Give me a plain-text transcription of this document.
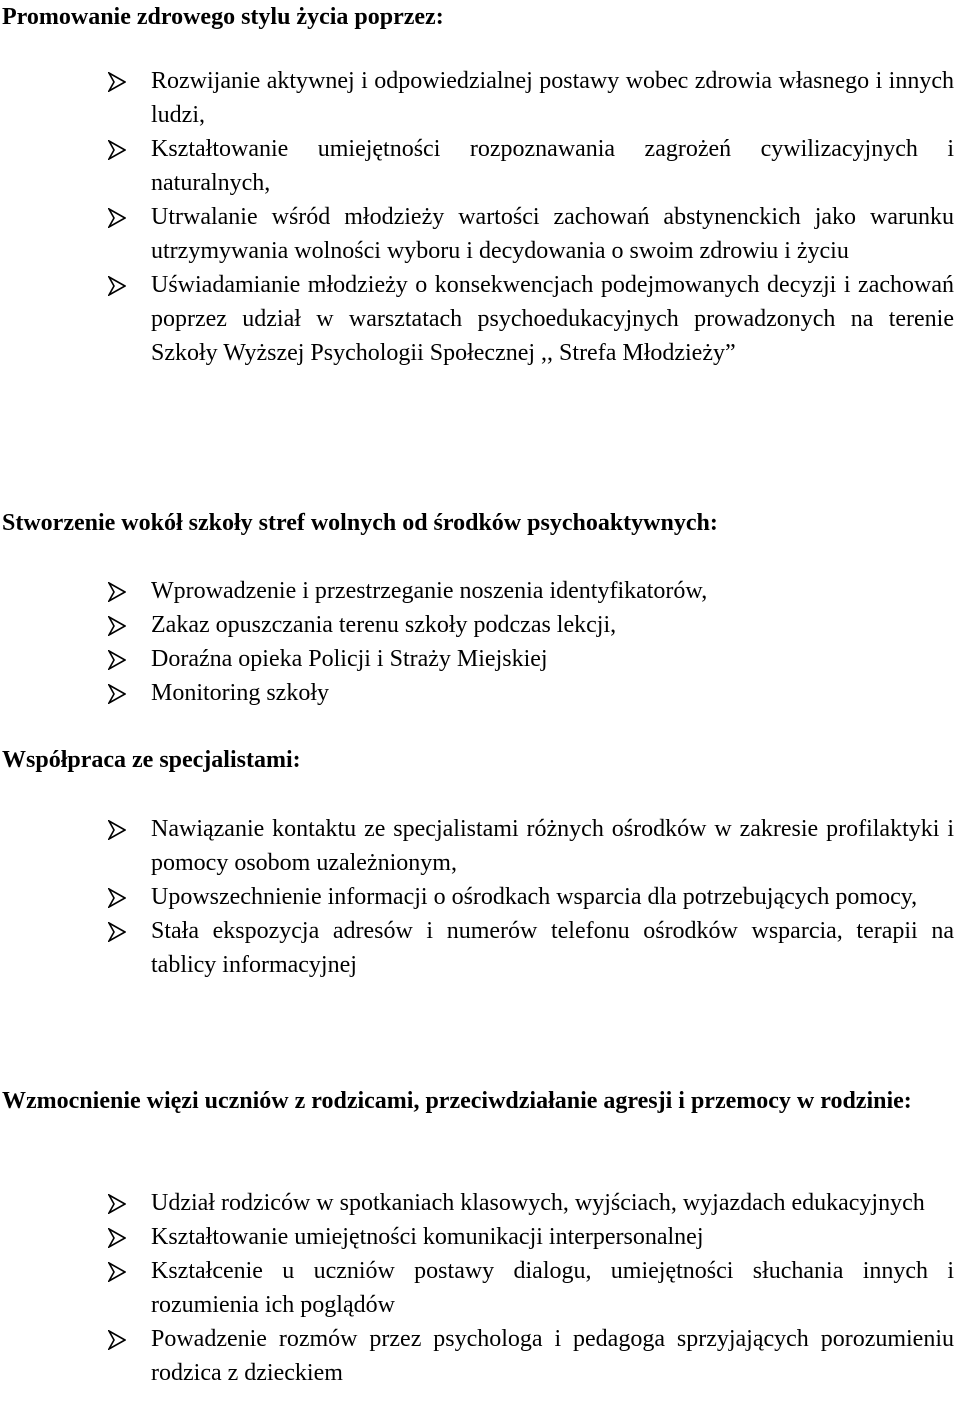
Promowanie zdrowego stylu życia poprzez:
Rozwijanie aktywnej i odpowiedzialnej postawy wobec zdrowia własnego i innych ludzi,
Kształtowanie umiejętności rozpoznawania zagrożeń cywilizacyjnych i naturalnych,
Utrwalanie wśród młodzieży wartości zachowań abstynenckich jako warunku utrzymywania wolności wyboru i decydowania o swoim zdrowiu i życiu
Uświadamianie młodzieży o konsekwencjach podejmowanych decyzji i zachowań poprzez udział w warsztatach psychoedukacyjnych prowadzonych na terenie Szkoły Wyższej Psychologii Społecznej ,, Strefa Młodzieży”
Stworzenie wokół szkoły stref wolnych od środków psychoaktywnych:
Wprowadzenie i przestrzeganie noszenia identyfikatorów,
Zakaz opuszczania terenu szkoły podczas lekcji,
Doraźna opieka Policji i Straży Miejskiej
Monitoring szkoły
Współpraca ze specjalistami:
Nawiązanie kontaktu ze specjalistami różnych ośrodków w zakresie profilaktyki i pomocy osobom uzależnionym,
Upowszechnienie informacji o ośrodkach wsparcia dla potrzebujących pomocy,
Stała ekspozycja adresów i numerów telefonu ośrodków wsparcia, terapii na tablicy informacyjnej
Wzmocnienie więzi uczniów z rodzicami, przeciwdziałanie agresji i przemocy w rodzinie:
Udział rodziców w spotkaniach klasowych, wyjściach, wyjazdach edukacyjnych
Kształtowanie umiejętności komunikacji interpersonalnej
Kształcenie u uczniów postawy dialogu, umiejętności słuchania innych i rozumienia ich poglądów
Powadzenie rozmów przez psychologa i pedagoga sprzyjających porozumieniu rodzica z dzieckiem
